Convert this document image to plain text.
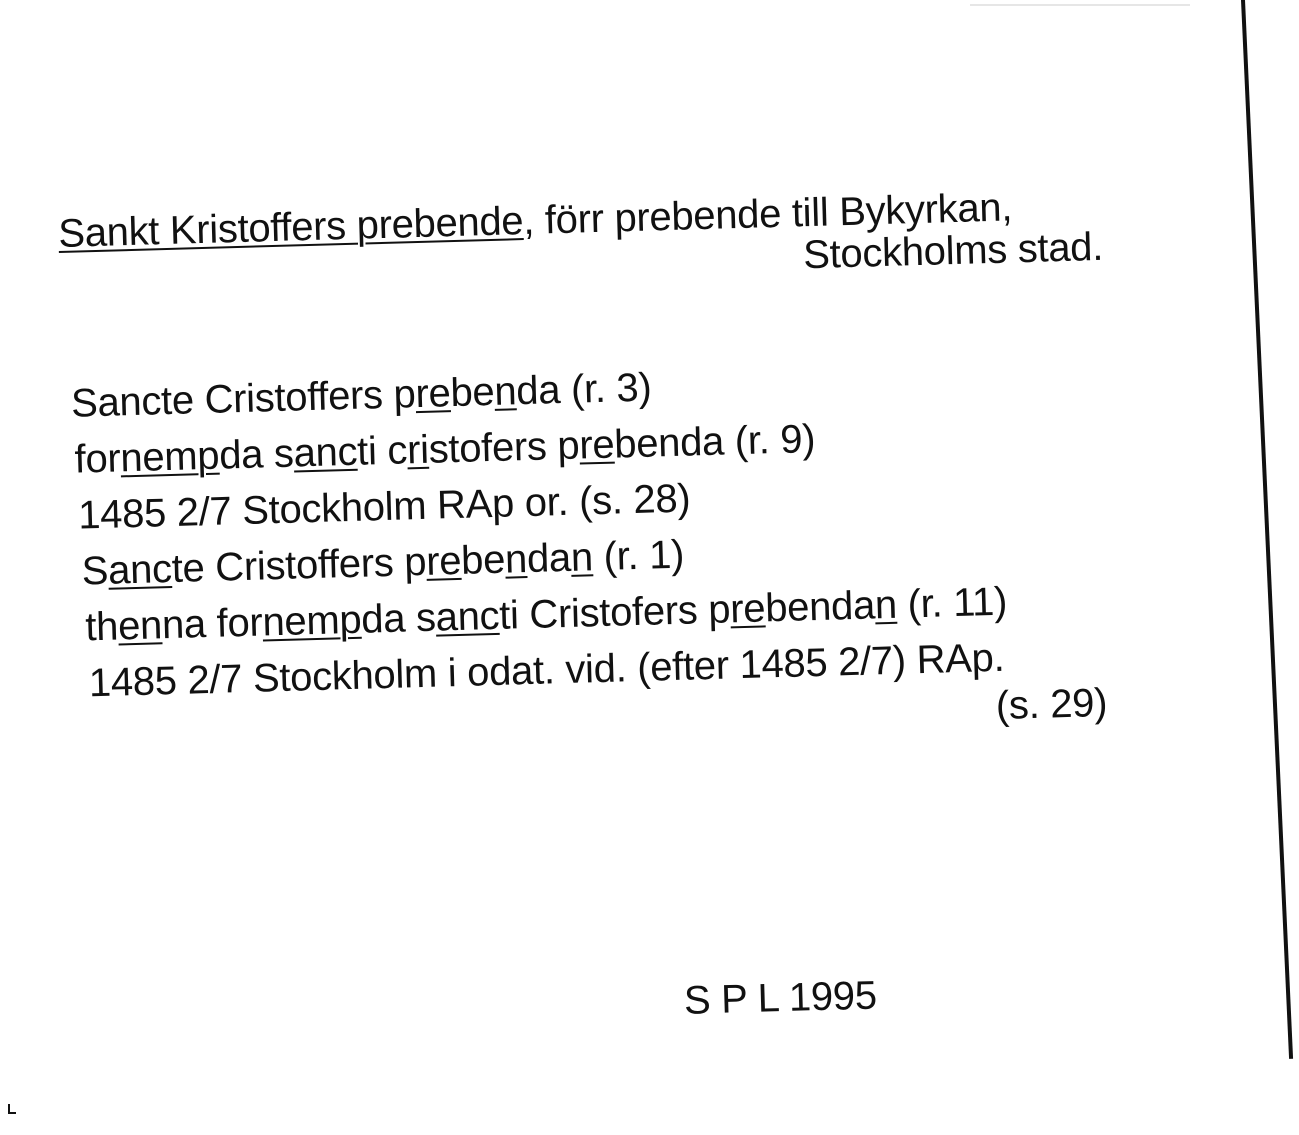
Sankt Kristoffers prebende, förr prebende till Bykyrkan,
Stockholms stad.
Sancte Cristoffers prebenda (r. 3)
fornempda sancti cristofers prebenda (r. 9)
1485 2/7 Stockholm RAp or. (s. 28)
Sancte Cristoffers prebendan (r. 1)
thenna fornempda sancti Cristofers prebendan (r. 11)
1485 2/7 Stockholm i odat. vid. (efter 1485 2/7) RAp.
(s. 29)
S P L 1995
